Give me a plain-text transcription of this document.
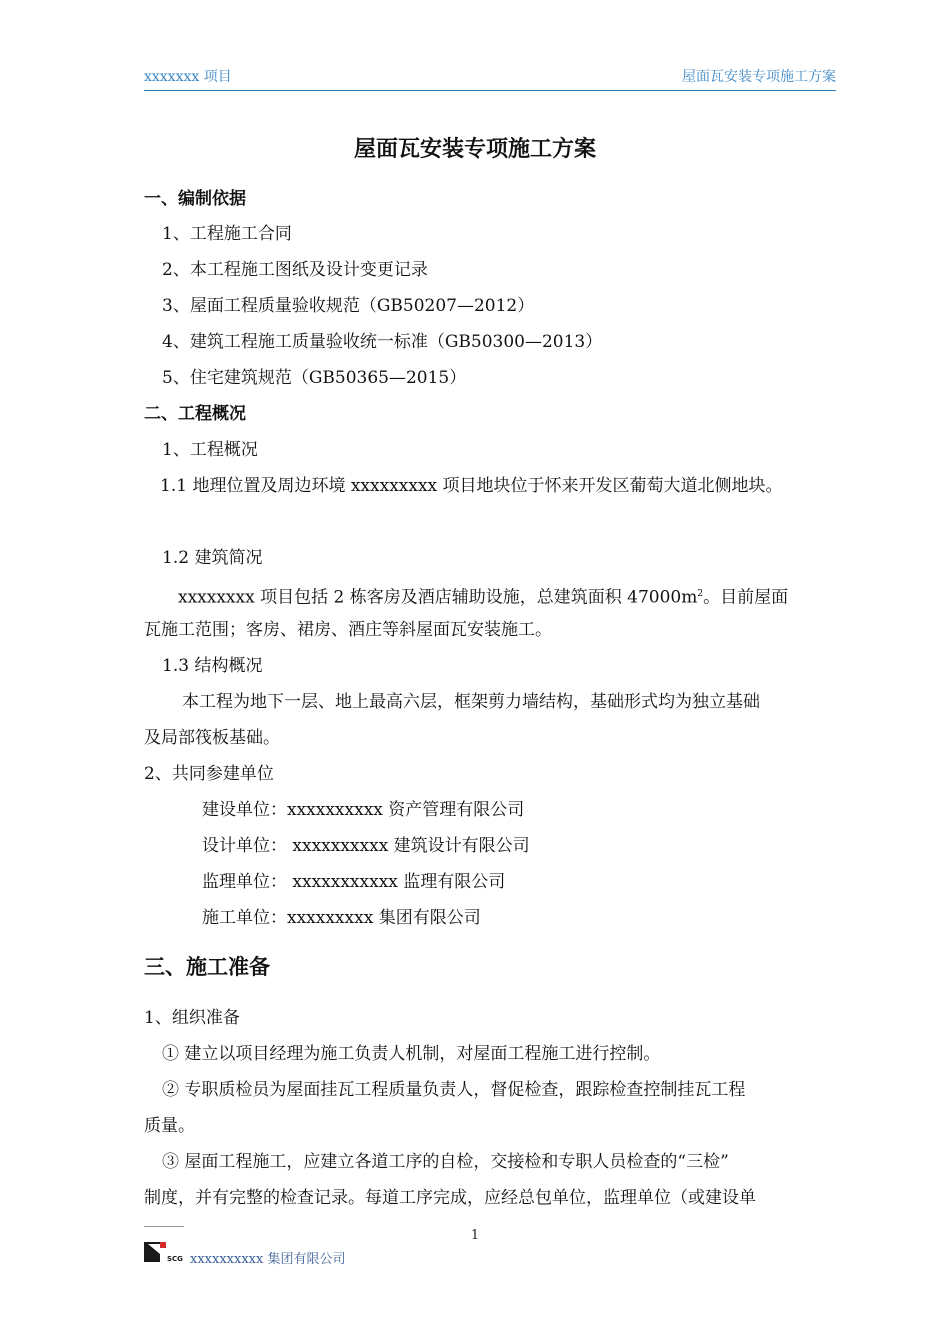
xxxxxxx 项目	屋面瓦安装专项施工方案
屋面瓦安装专项施工方案
一、编制依据
1、工程施工合同
2、本工程施工图纸及设计变更记录
3、屋面工程质量验收规范（GB50207—2012）
4、建筑工程施工质量验收统一标准（GB50300—2013）
5、住宅建筑规范（GB50365—2015）
二、工程概况
1、工程概况
1.1 地理位置及周边环境 xxxxxxxxx 项目地块位于怀来开发区葡萄大道北侧地块。
1.2 建筑简况
xxxxxxxx 项目包括 2 栋客房及酒店辅助设施，总建筑面积 $47000m^2$。目前屋面
瓦施工范围；客房、裙房、酒庄等斜屋面瓦安装施工。
1.3 结构概况
本工程为地下一层、地上最高六层，框架剪力墙结构，基础形式均为独立基础
及局部筏板基础。
2、共同参建单位
建设单位：xxxxxxxxxx 资产管理有限公司
设计单位： xxxxxxxxxx 建筑设计有限公司
监理单位： xxxxxxxxxxx 监理有限公司
施工单位：xxxxxxxxx 集团有限公司
三、施工准备
1、组织准备
① 建立以项目经理为施工负责人机制，对屋面工程施工进行控制。
② 专职质检员为屋面挂瓦工程质量负责人，督促检查，跟踪检查控制挂瓦工程
质量。
③ 屋面工程施工，应建立各道工序的自检，交接检和专职人员检查的“三检”
制度，并有完整的检查记录。每道工序完成，应经总包单位，监理单位（或建设单
1
SCG xxxxxxxxxx 集团有限公司
